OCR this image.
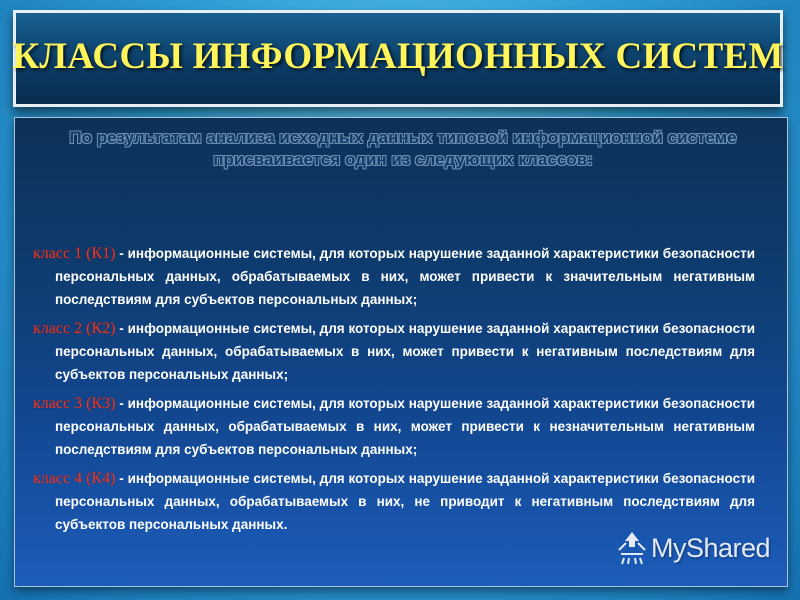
КЛАССЫ ИНФОРМАЦИОННЫХ СИСТЕМ

По результатам анализа исходных данных типовой информационной системе присваивается один из следующих классов:

класс 1 (К1) - информационные системы, для которых нарушение заданной характеристики безопасности персональных данных, обрабатываемых в них, может привести к значительным негативным последствиям для субъектов персональных данных;

класс 2 (К2) - информационные системы, для которых нарушение заданной характеристики безопасности персональных данных, обрабатываемых в них, может привести к негативным последствиям для субъектов персональных данных;

класс 3 (К3) - информационные системы, для которых нарушение заданной характеристики безопасности персональных данных, обрабатываемых в них, может привести к незначительным негативным последствиям для субъектов персональных данных;

класс 4 (К4) - информационные системы, для которых нарушение заданной характеристики безопасности персональных данных, обрабатываемых в них, не приводит к негативным последствиям для субъектов персональных данных.

MyShared
